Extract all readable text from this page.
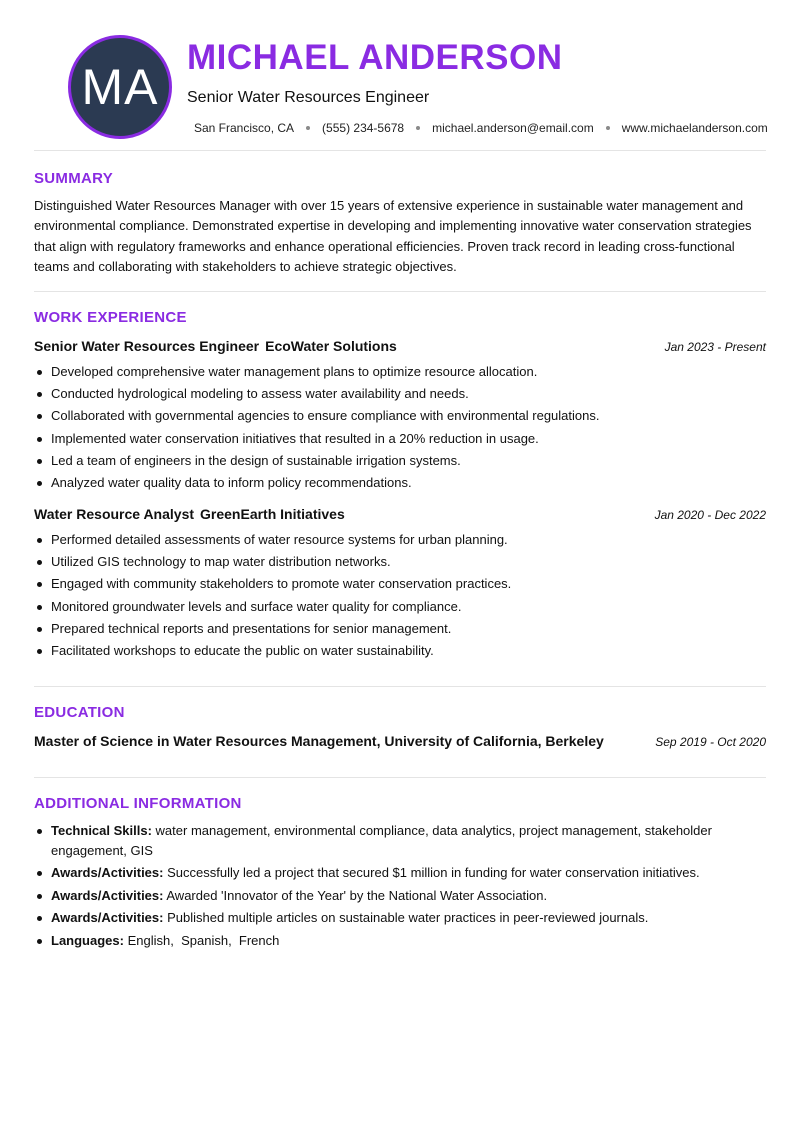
MA
MICHAEL ANDERSON
Senior Water Resources Engineer
San Francisco, CA (555) 234-5678 michael.anderson@email.com www.michaelanderson.com
SUMMARY
Distinguished Water Resources Manager with over 15 years of extensive experience in sustainable water management and environmental compliance. Demonstrated expertise in developing and implementing innovative water conservation strategies that align with regulatory frameworks and enhance operational efficiencies. Proven track record in leading cross-functional teams and collaborating with stakeholders to achieve strategic objectives.
WORK EXPERIENCE
Senior Water Resources Engineer EcoWater Solutions	Jan 2023 - Present
Developed comprehensive water management plans to optimize resource allocation.
Conducted hydrological modeling to assess water availability and needs.
Collaborated with governmental agencies to ensure compliance with environmental regulations.
Implemented water conservation initiatives that resulted in a 20% reduction in usage.
Led a team of engineers in the design of sustainable irrigation systems.
Analyzed water quality data to inform policy recommendations.
Water Resource Analyst GreenEarth Initiatives	Jan 2020 - Dec 2022
Performed detailed assessments of water resource systems for urban planning.
Utilized GIS technology to map water distribution networks.
Engaged with community stakeholders to promote water conservation practices.
Monitored groundwater levels and surface water quality for compliance.
Prepared technical reports and presentations for senior management.
Facilitated workshops to educate the public on water sustainability.
EDUCATION
Master of Science in Water Resources Management, University of California, Berkeley	Sep 2019 - Oct 2020
ADDITIONAL INFORMATION
Technical Skills: water management, environmental compliance, data analytics, project management, stakeholder engagement, GIS
Awards/Activities: Successfully led a project that secured $1 million in funding for water conservation initiatives.
Awards/Activities: Awarded 'Innovator of the Year' by the National Water Association.
Awards/Activities: Published multiple articles on sustainable water practices in peer-reviewed journals.
Languages: English , Spanish , French
